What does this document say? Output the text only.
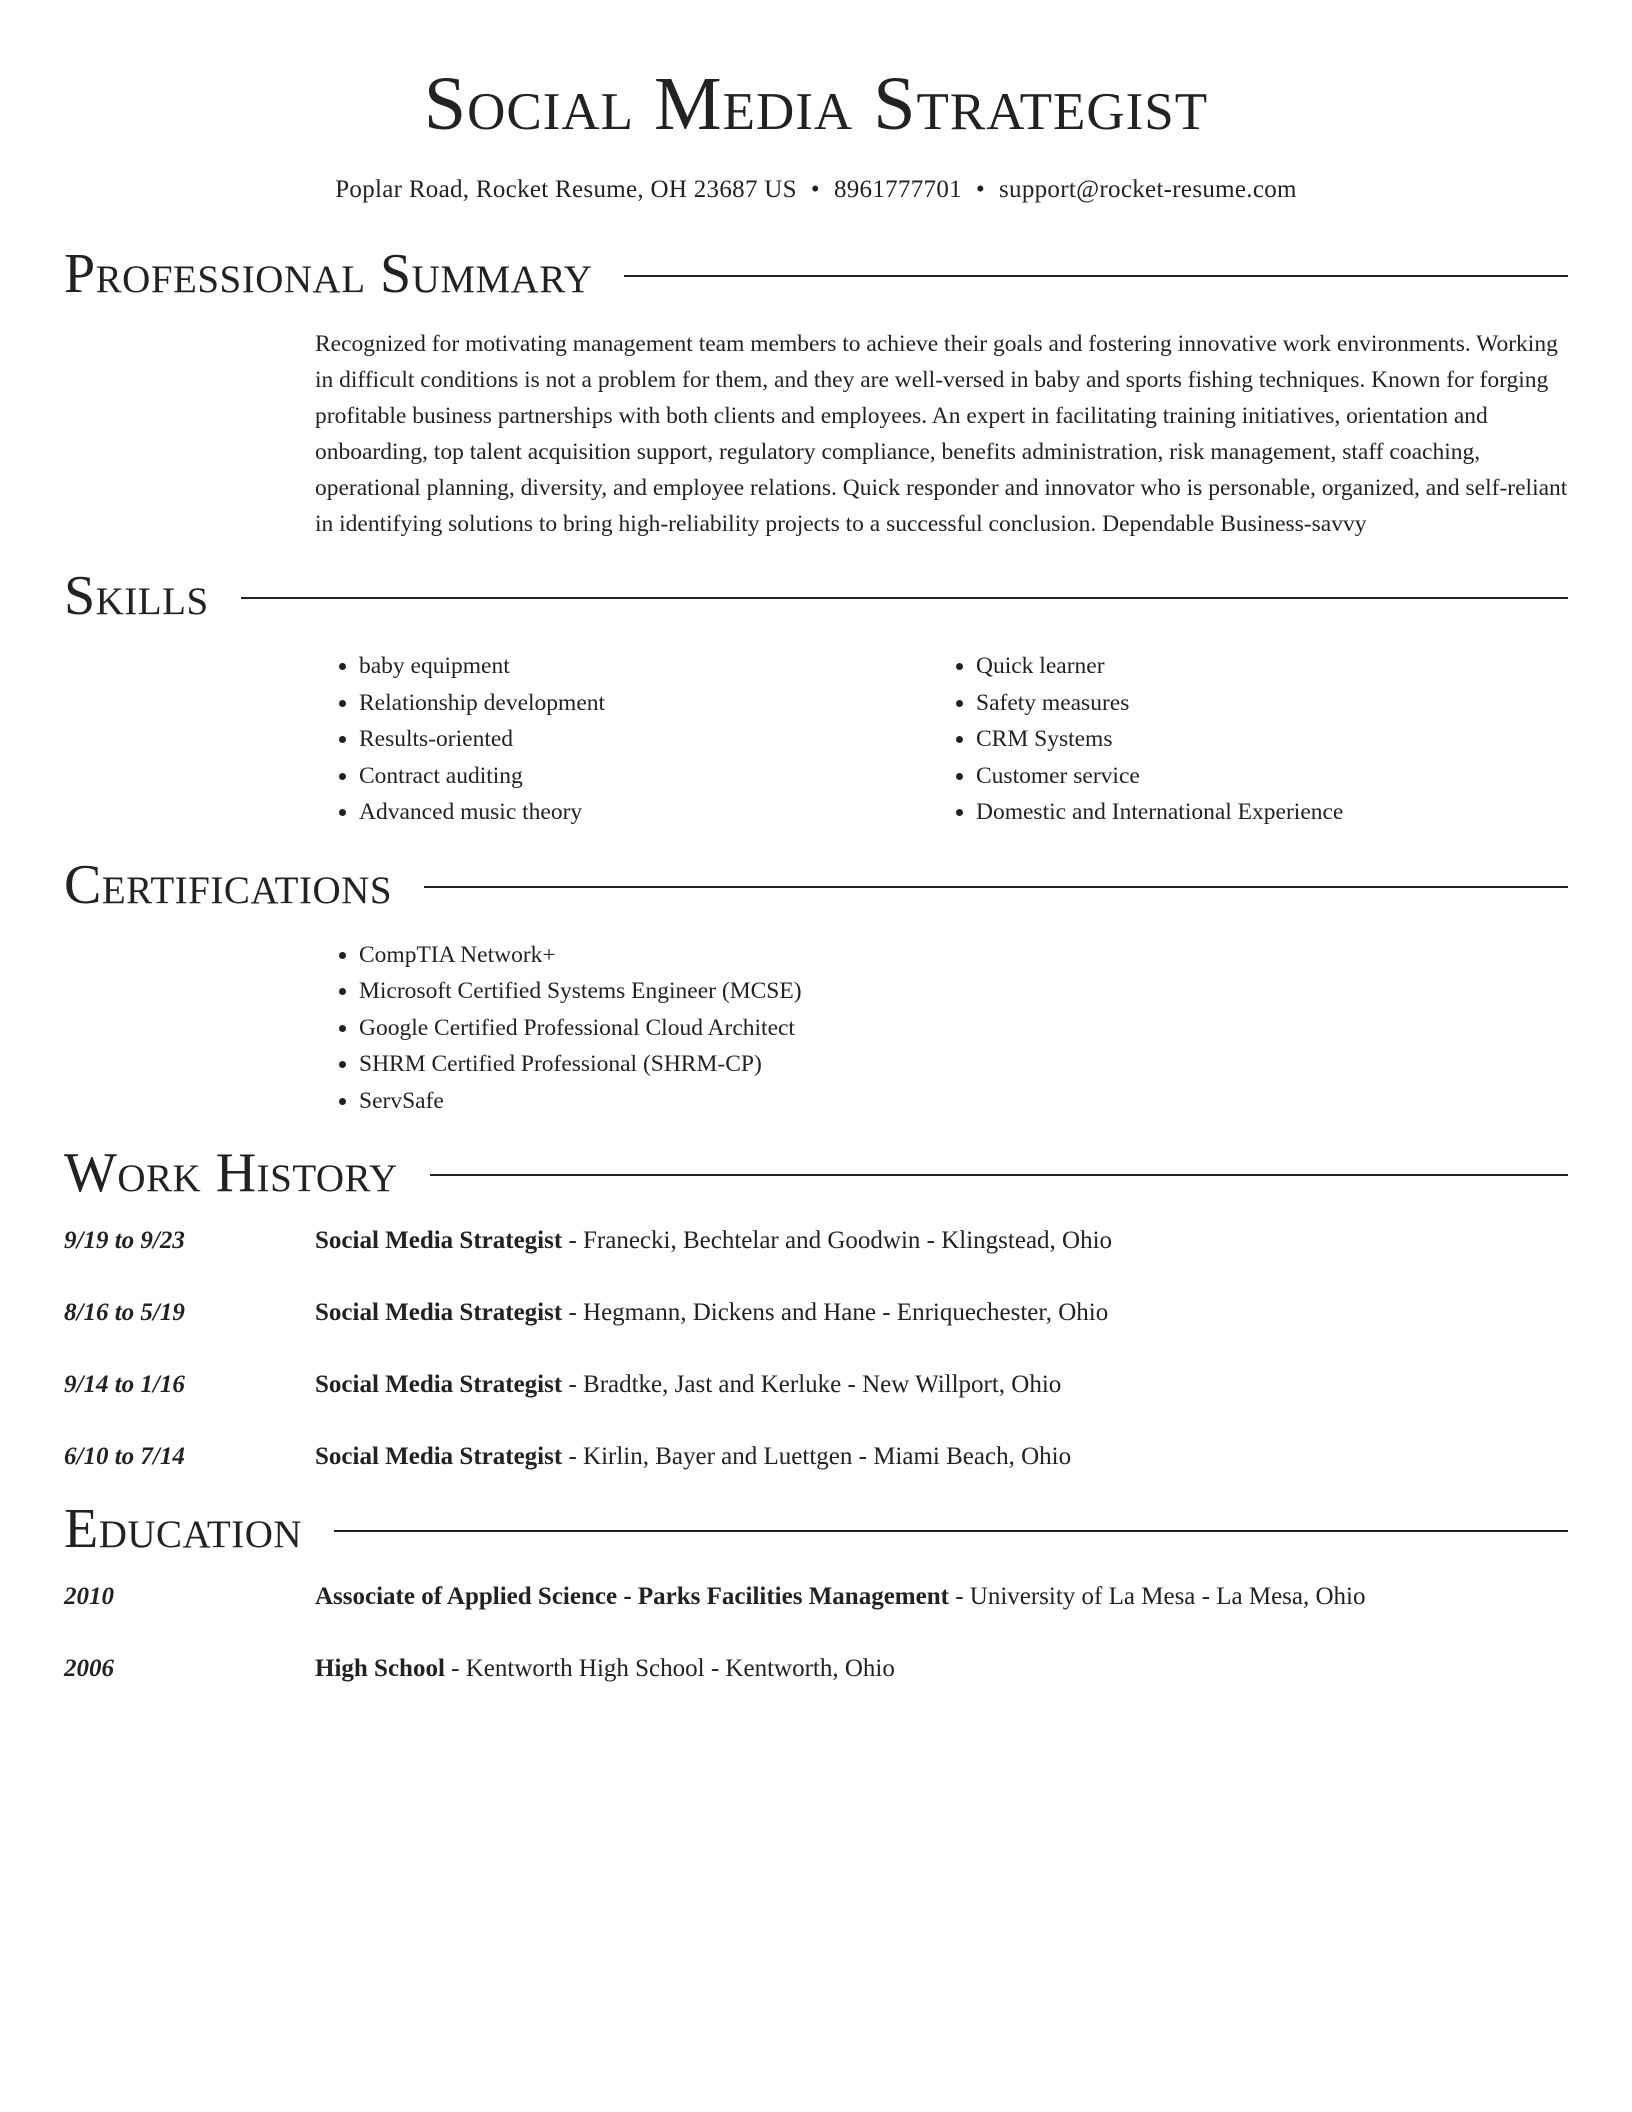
Social Media Strategist
Poplar Road, Rocket Resume, OH 23687 US • 8961777701 • support@rocket-resume.com
Professional Summary
Recognized for motivating management team members to achieve their goals and fostering innovative work environments. Working in difficult conditions is not a problem for them, and they are well-versed in baby and sports fishing techniques. Known for forging profitable business partnerships with both clients and employees. An expert in facilitating training initiatives, orientation and onboarding, top talent acquisition support, regulatory compliance, benefits administration, risk management, staff coaching, operational planning, diversity, and employee relations. Quick responder and innovator who is personable, organized, and self-reliant in identifying solutions to bring high-reliability projects to a successful conclusion. Dependable Business-savvy
Skills
• baby equipment
• Relationship development
• Results-oriented
• Contract auditing
• Advanced music theory
• Quick learner
• Safety measures
• CRM Systems
• Customer service
• Domestic and International Experience
Certifications
• CompTIA Network+
• Microsoft Certified Systems Engineer (MCSE)
• Google Certified Professional Cloud Architect
• SHRM Certified Professional (SHRM-CP)
• ServSafe
Work History
9/19 to 9/23	Social Media Strategist - Franecki, Bechtelar and Goodwin - Klingstead, Ohio
8/16 to 5/19	Social Media Strategist - Hegmann, Dickens and Hane - Enriquechester, Ohio
9/14 to 1/16	Social Media Strategist - Bradtke, Jast and Kerluke - New Willport, Ohio
6/10 to 7/14	Social Media Strategist - Kirlin, Bayer and Luettgen - Miami Beach, Ohio
Education
2010	Associate of Applied Science - Parks Facilities Management - University of La Mesa - La Mesa, Ohio
2006	High School - Kentworth High School - Kentworth, Ohio
